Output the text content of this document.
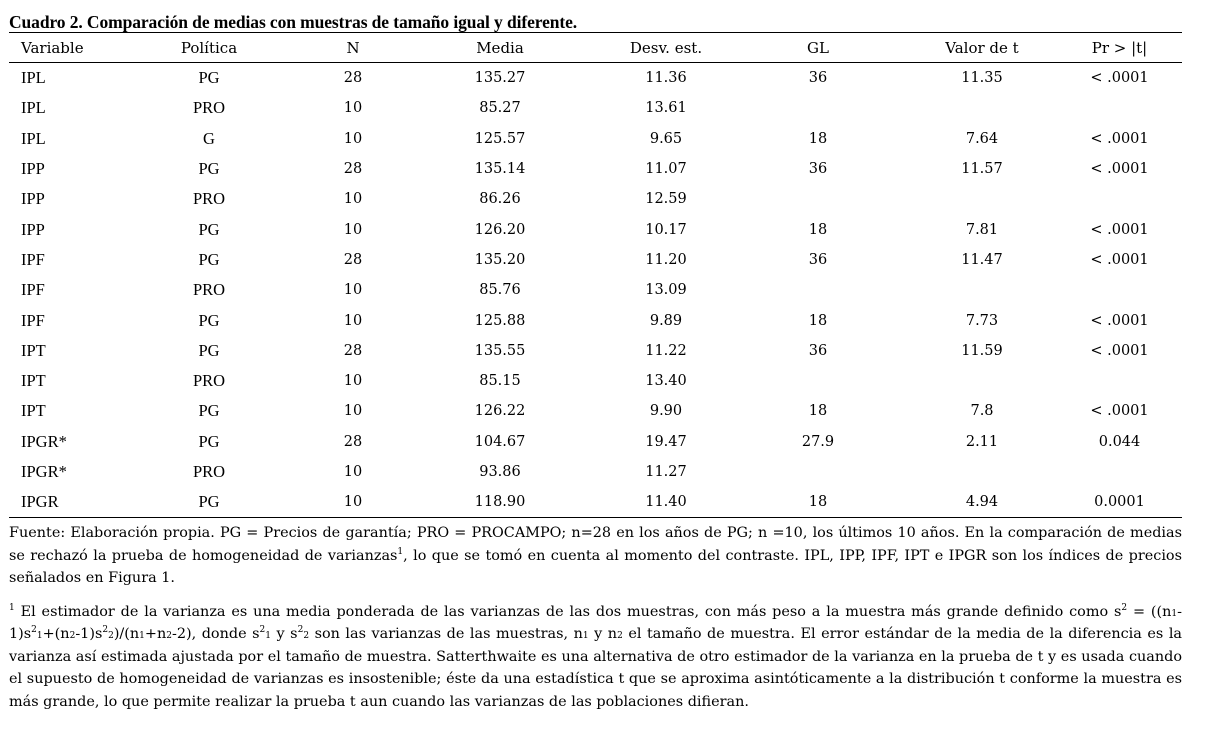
Cuadro 2. Comparación de medias con muestras de tamaño igual y diferente.
Variable	Política	N	Media	Desv. est.	GL	Valor de t	Pr > |t|
IPL	PG	28	135.27	11.36	36	11.35	< .0001
IPL	PRO	10	85.27	13.61			
IPL	G	10	125.57	9.65	18	7.64	< .0001
IPP	PG	28	135.14	11.07	36	11.57	< .0001
IPP	PRO	10	86.26	12.59			
IPP	PG	10	126.20	10.17	18	7.81	< .0001
IPF	PG	28	135.20	11.20	36	11.47	< .0001
IPF	PRO	10	85.76	13.09			
IPF	PG	10	125.88	9.89	18	7.73	< .0001
IPT	PG	28	135.55	11.22	36	11.59	< .0001
IPT	PRO	10	85.15	13.40			
IPT	PG	10	126.22	9.90	18	7.8	< .0001
IPGR*	PG	28	104.67	19.47	27.9	2.11	0.044
IPGR*	PRO	10	93.86	11.27			
IPGR	PG	10	118.90	11.40	18	4.94	0.0001

Fuente: Elaboración propia. PG = Precios de garantía; PRO = PROCAMPO; n=28 en los años de PG; n =10, los últimos 10 años. En la comparación de medias se rechazó la prueba de homogeneidad de varianzas$^1$, lo que se tomó en cuenta al momento del contraste. IPL, IPP, IPF, IPT e IPGR son los índices de precios señalados en Figura 1.

$^1$ El estimador de la varianza es una media ponderada de las varianzas de las dos muestras, con más peso a la muestra más grande definido como $s^2 = ((n1-1)s^21+(n2-1)s^22)/(n1+n2-2)$, donde $s^21$ y $s^22$ son las varianzas de las muestras, n1 y n2 el tamaño de muestra. El error estándar de la media de la diferencia es la varianza así estimada ajustada por el tamaño de muestra. Satterthwaite es una alternativa de otro estimador de la varianza en la prueba de t y es usada cuando el supuesto de homogeneidad de varianzas es insostenible; éste da una estadística t que se aproxima asintóticamente a la distribución t conforme la muestra es más grande, lo que permite realizar la prueba t aun cuando las varianzas de las poblaciones difieran.
